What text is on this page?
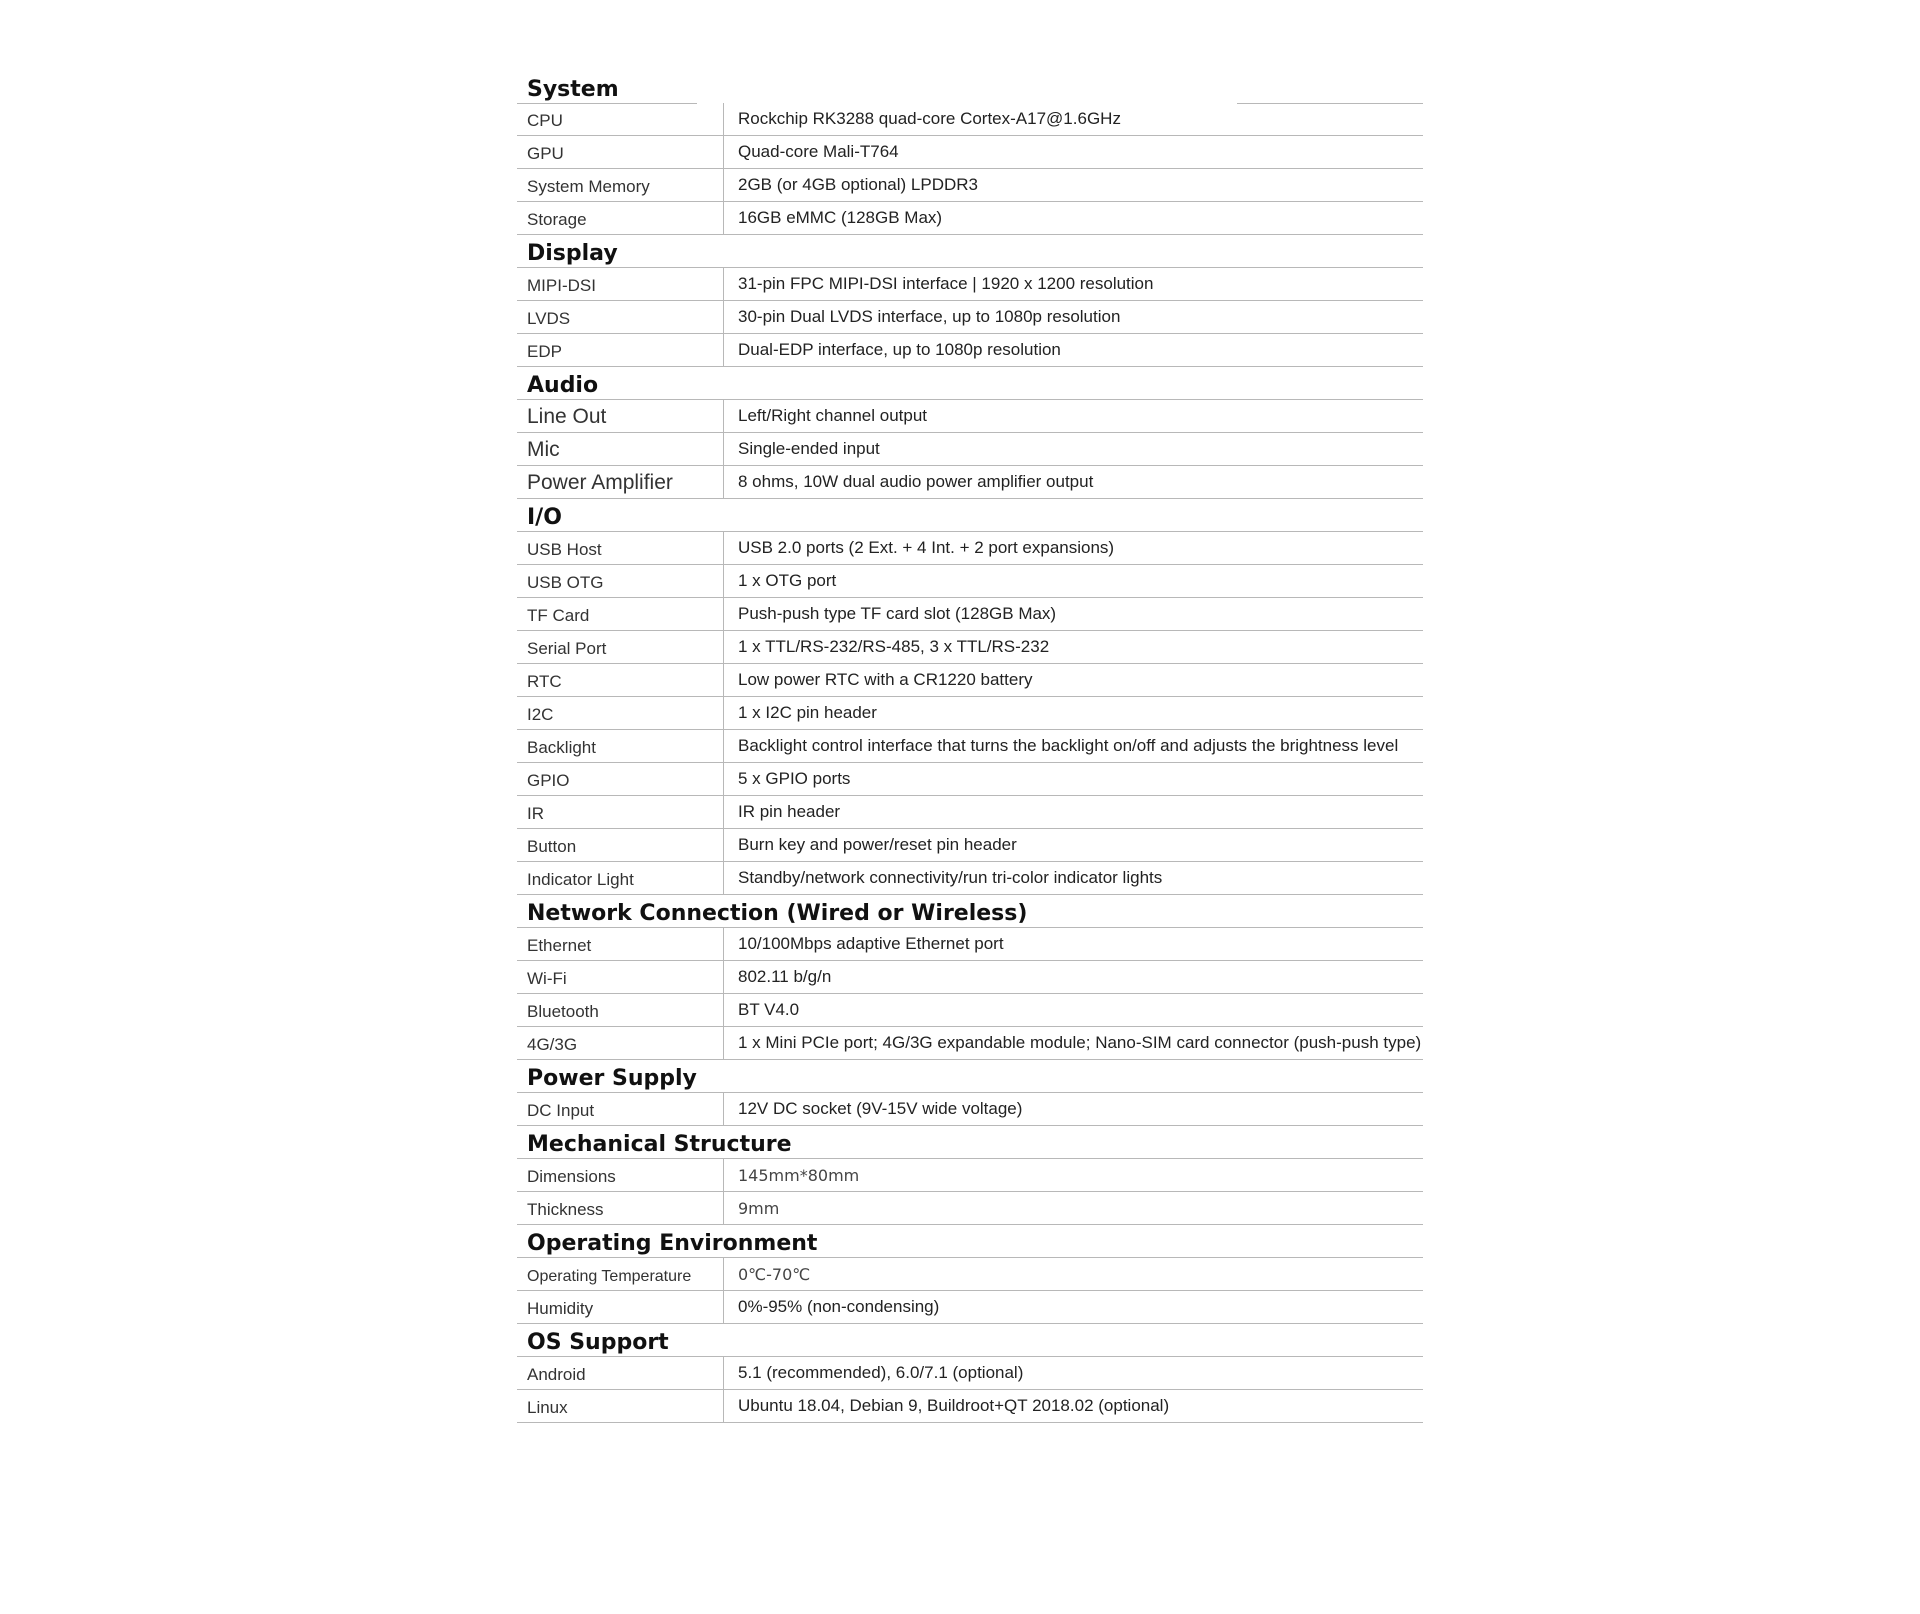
System
CPU	Rockchip RK3288 quad-core Cortex-A17@1.6GHz
GPU	Quad-core Mali-T764
System Memory	2GB (or 4GB optional) LPDDR3
Storage	16GB eMMC (128GB Max)
Display
MIPI-DSI	31-pin FPC MIPI-DSI interface | 1920 x 1200 resolution
LVDS	30-pin Dual LVDS interface, up to 1080p resolution
EDP	Dual-EDP interface, up to 1080p resolution
Audio
Line Out	Left/Right channel output
Mic	Single-ended input
Power Amplifier	8 ohms, 10W dual audio power amplifier output
I/O
USB Host	USB 2.0 ports (2 Ext. + 4 Int. + 2 port expansions)
USB OTG	1 x OTG port
TF Card	Push-push type TF card slot (128GB Max)
Serial Port	1 x TTL/RS-232/RS-485, 3 x TTL/RS-232
RTC	Low power RTC with a CR1220 battery
I2C	1 x I2C pin header
Backlight	Backlight control interface that turns the backlight on/off and adjusts the brightness level
GPIO	5 x GPIO ports
IR	IR pin header
Button	Burn key and power/reset pin header
Indicator Light	Standby/network connectivity/run tri-color indicator lights
Network Connection (Wired or Wireless)
Ethernet	10/100Mbps adaptive Ethernet port
Wi-Fi	802.11 b/g/n
Bluetooth	BT V4.0
4G/3G	1 x Mini PCIe port; 4G/3G expandable module; Nano-SIM card connector (push-push type)
Power Supply
DC Input	12V DC socket (9V-15V wide voltage)
Mechanical Structure
Dimensions	145mm*80mm
Thickness	9mm
Operating Environment
Operating Temperature	0℃-70℃
Humidity	0%-95% (non-condensing)
OS Support
Android	5.1 (recommended), 6.0/7.1 (optional)
Linux	Ubuntu 18.04, Debian 9, Buildroot+QT 2018.02 (optional)
